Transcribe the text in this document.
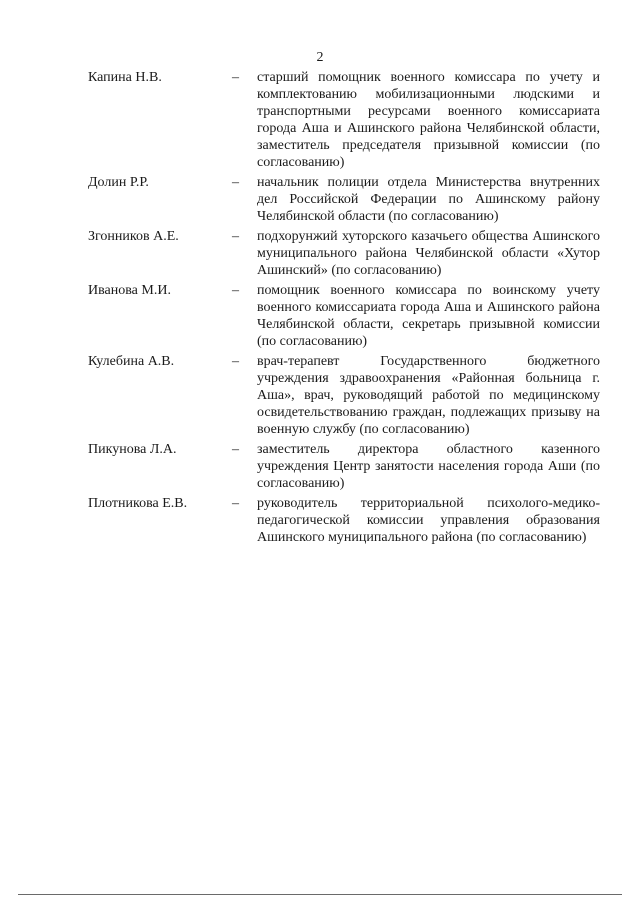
2
Капина Н.В.	– старший помощник военного комиссара по учету и комплектованию мобилизационными людскими и транспортными ресурсами военного комиссариата города Аша и Ашинского района Челябинской области, заместитель председателя призывной комиссии (по согласованию)
Долин Р.Р.	– начальник полиции отдела Министерства внутренних дел Российской Федерации по Ашинскому району Челябинской области (по согласованию)
Згонников А.Е.	– подхорунжий хуторского казачьего общества Ашинского муниципального района Челябинской области «Хутор Ашинский» (по согласованию)
Иванова М.И.	– помощник военного комиссара по воинскому учету военного комиссариата города Аша и Ашинского района Челябинской области, секретарь призывной комиссии (по согласованию)
Кулебина А.В.	– врач-терапевт Государственного бюджетного учреждения здравоохранения «Районная больница г. Аша», врач, руководящий работой по медицинскому освидетельствованию граждан, подлежащих призыву на военную службу (по согласованию)
Пикунова Л.А.	– заместитель директора областного казенного учреждения Центр занятости населения города Аши (по согласованию)
Плотникова Е.В.	– руководитель территориальной психолого-медико-педагогической комиссии управления образования Ашинского муниципального района (по согласованию)
